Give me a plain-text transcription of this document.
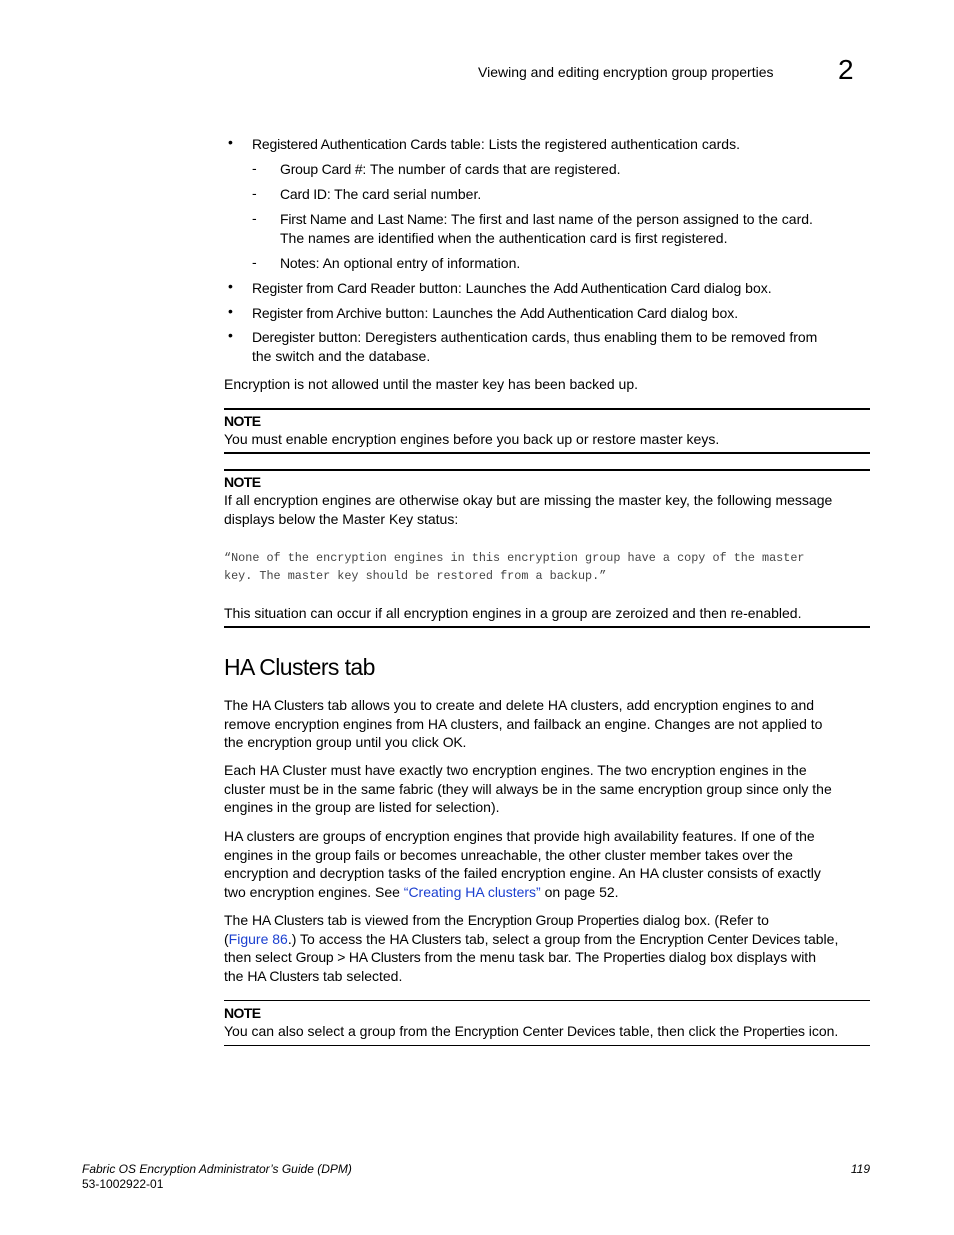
Viewing and editing encryption group properties 2
• Registered Authentication Cards table: Lists the registered authentication cards.
- Group Card #: The number of cards that are registered.
- Card ID: The card serial number.
- First Name and Last Name: The first and last name of the person assigned to the card.
The names are identified when the authentication card is first registered.
- Notes: An optional entry of information.
• Register from Card Reader button: Launches the Add Authentication Card dialog box.
• Register from Archive button: Launches the Add Authentication Card dialog box.
• Deregister button: Deregisters authentication cards, thus enabling them to be removed from
the switch and the database.
Encryption is not allowed until the master key has been backed up.
NOTE
You must enable encryption engines before you back up or restore master keys.
NOTE
If all encryption engines are otherwise okay but are missing the master key, the following message
displays below the Master Key status:
“None of the encryption engines in this encryption group have a copy of the master
key. The master key should be restored from a backup.”
This situation can occur if all encryption engines in a group are zeroized and then re-enabled.
HA Clusters tab
The HA Clusters tab allows you to create and delete HA clusters, add encryption engines to and
remove encryption engines from HA clusters, and failback an engine. Changes are not applied to
the encryption group until you click OK.
Each HA Cluster must have exactly two encryption engines. The two encryption engines in the
cluster must be in the same fabric (they will always be in the same encryption group since only the
engines in the group are listed for selection).
HA clusters are groups of encryption engines that provide high availability features. If one of the
engines in the group fails or becomes unreachable, the other cluster member takes over the
encryption and decryption tasks of the failed encryption engine. An HA cluster consists of exactly
two encryption engines. See “Creating HA clusters” on page 52.
The HA Clusters tab is viewed from the Encryption Group Properties dialog box. (Refer to
(Figure 86.) To access the HA Clusters tab, select a group from the Encryption Center Devices table,
then select Group > HA Clusters from the menu task bar. The Properties dialog box displays with
the HA Clusters tab selected.
NOTE
You can also select a group from the Encryption Center Devices table, then click the Properties icon.
Fabric OS Encryption Administrator’s Guide (DPM)
53-1002922-01
119
